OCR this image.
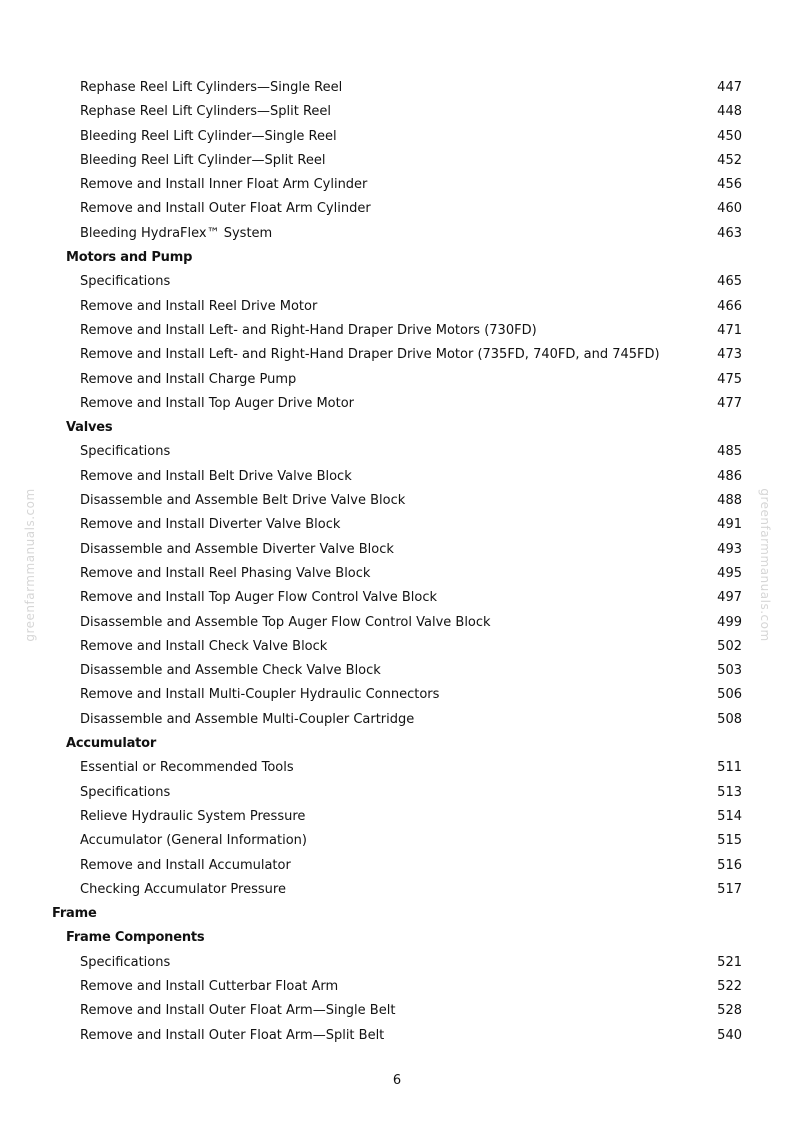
greenfarmmanuals.com	greenfarmmanuals.com
Rephase Reel Lift Cylinders—Single Reel	447
Rephase Reel Lift Cylinders—Split Reel	448
Bleeding Reel Lift Cylinder—Single Reel	450
Bleeding Reel Lift Cylinder—Split Reel	452
Remove and Install Inner Float Arm Cylinder	456
Remove and Install Outer Float Arm Cylinder	460
Bleeding HydraFlex™ System	463
Motors and Pump
Specifications	465
Remove and Install Reel Drive Motor	466
Remove and Install Left- and Right-Hand Draper Drive Motors (730FD)	471
Remove and Install Left- and Right-Hand Draper Drive Motor (735FD, 740FD, and 745FD)	473
Remove and Install Charge Pump	475
Remove and Install Top Auger Drive Motor	477
Valves
Specifications	485
Remove and Install Belt Drive Valve Block	486
Disassemble and Assemble Belt Drive Valve Block	488
Remove and Install Diverter Valve Block	491
Disassemble and Assemble Diverter Valve Block	493
Remove and Install Reel Phasing Valve Block	495
Remove and Install Top Auger Flow Control Valve Block	497
Disassemble and Assemble Top Auger Flow Control Valve Block	499
Remove and Install Check Valve Block	502
Disassemble and Assemble Check Valve Block	503
Remove and Install Multi-Coupler Hydraulic Connectors	506
Disassemble and Assemble Multi-Coupler Cartridge	508
Accumulator
Essential or Recommended Tools	511
Specifications	513
Relieve Hydraulic System Pressure	514
Accumulator (General Information)	515
Remove and Install Accumulator	516
Checking Accumulator Pressure	517
Frame
Frame Components
Specifications	521
Remove and Install Cutterbar Float Arm	522
Remove and Install Outer Float Arm—Single Belt	528
Remove and Install Outer Float Arm—Split Belt	540
6
